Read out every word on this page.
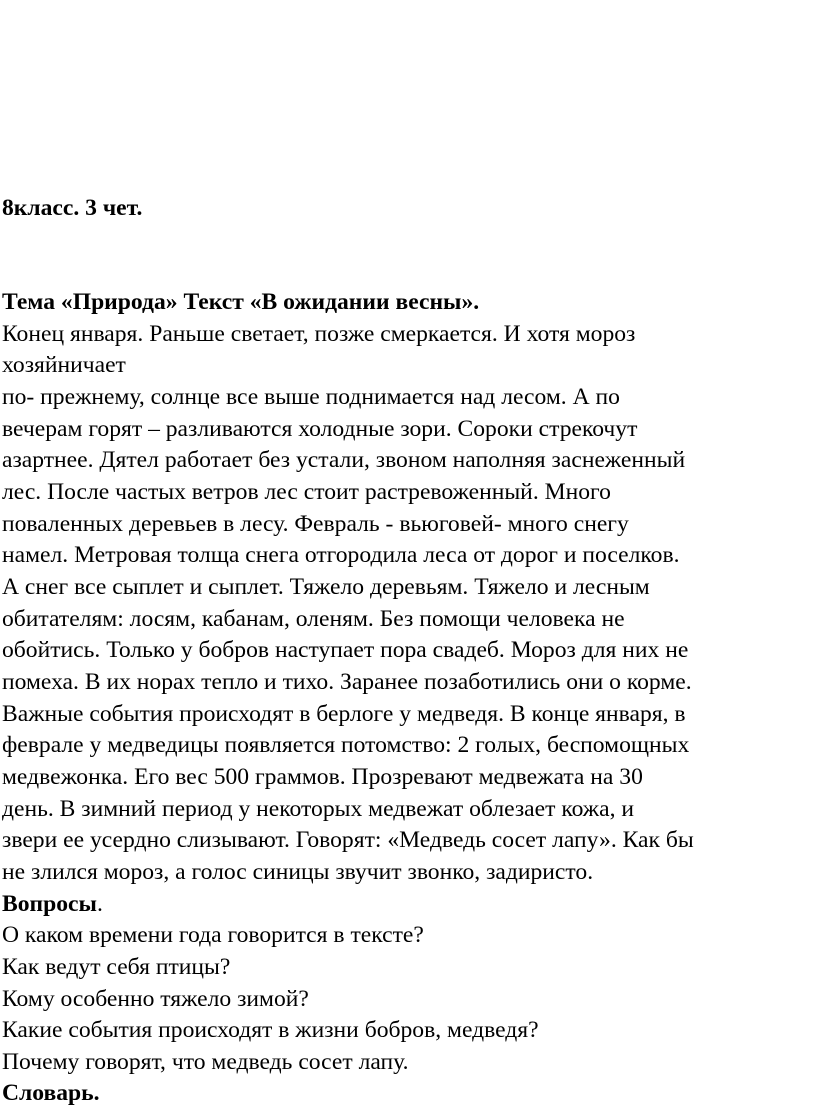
8класс. 3 чет.
Тема «Природа» Текст «В ожидании весны».
Конец января. Раньше светает, позже смеркается. И хотя мороз
хозяйничает
по- прежнему, солнце все выше поднимается над лесом. А по
вечерам горят – разливаются холодные зори. Сороки стрекочут
азартнее. Дятел работает без устали, звоном наполняя заснеженный
лес. После частых ветров лес стоит растревоженный. Много
поваленных деревьев в лесу. Февраль - вьюговей- много снегу
намел. Метровая толща снега отгородила леса от дорог и поселков.
А снег все сыплет и сыплет. Тяжело деревьям. Тяжело и лесным
обитателям: лосям, кабанам, оленям. Без помощи человека не
обойтись. Только у бобров наступает пора свадеб. Мороз для них не
помеха. В их норах тепло и тихо. Заранее позаботились они о корме.
Важные события происходят в берлоге у медведя. В конце января, в
феврале у медведицы появляется потомство: 2 голых, беспомощных
медвежонка. Его вес 500 граммов. Прозревают медвежата на 30
день. В зимний период у некоторых медвежат облезает кожа, и
звери ее усердно слизывают. Говорят: «Медведь сосет лапу». Как бы
не злился мороз, а голос синицы звучит звонко, задиристо.
Вопросы.
О каком времени года говорится в тексте?
Как ведут себя птицы?
Кому особенно тяжело зимой?
Какие события происходят в жизни бобров, медведя?
Почему говорят, что медведь сосет лапу.
Словарь.
